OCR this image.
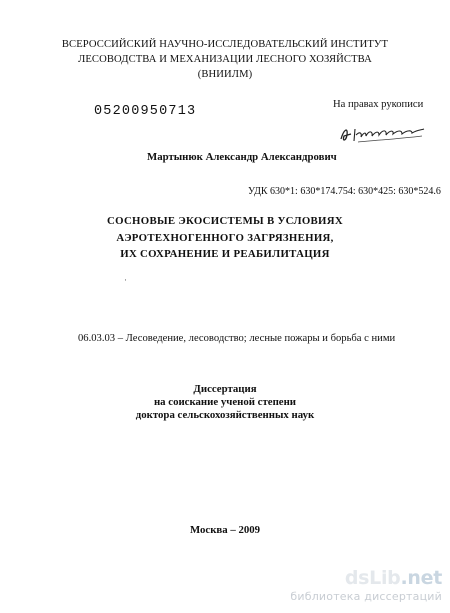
ВСЕРОССИЙСКИЙ НАУЧНО-ИССЛЕДОВАТЕЛЬСКИЙ ИНСТИТУТ
ЛЕСОВОДСТВА И МЕХАНИЗАЦИИ ЛЕСНОГО ХОЗЯЙСТВА
(ВНИИЛМ)
05200950713	На правах рукописи
Мартынюк Александр Александрович
УДК 630*1: 630*174.754: 630*425: 630*524.6
СОСНОВЫЕ ЭКОСИСТЕМЫ В УСЛОВИЯХ
АЭРОТЕХНОГЕННОГО ЗАГРЯЗНЕНИЯ,
ИХ СОХРАНЕНИЕ И РЕАБИЛИТАЦИЯ
·
06.03.03 – Лесоведение, лесоводство; лесные пожары и борьба с ними
Диссертация
на соискание ученой степени
доктора сельскохозяйственных наук
Москва – 2009
dsLib.net
библиотека диссертаций
